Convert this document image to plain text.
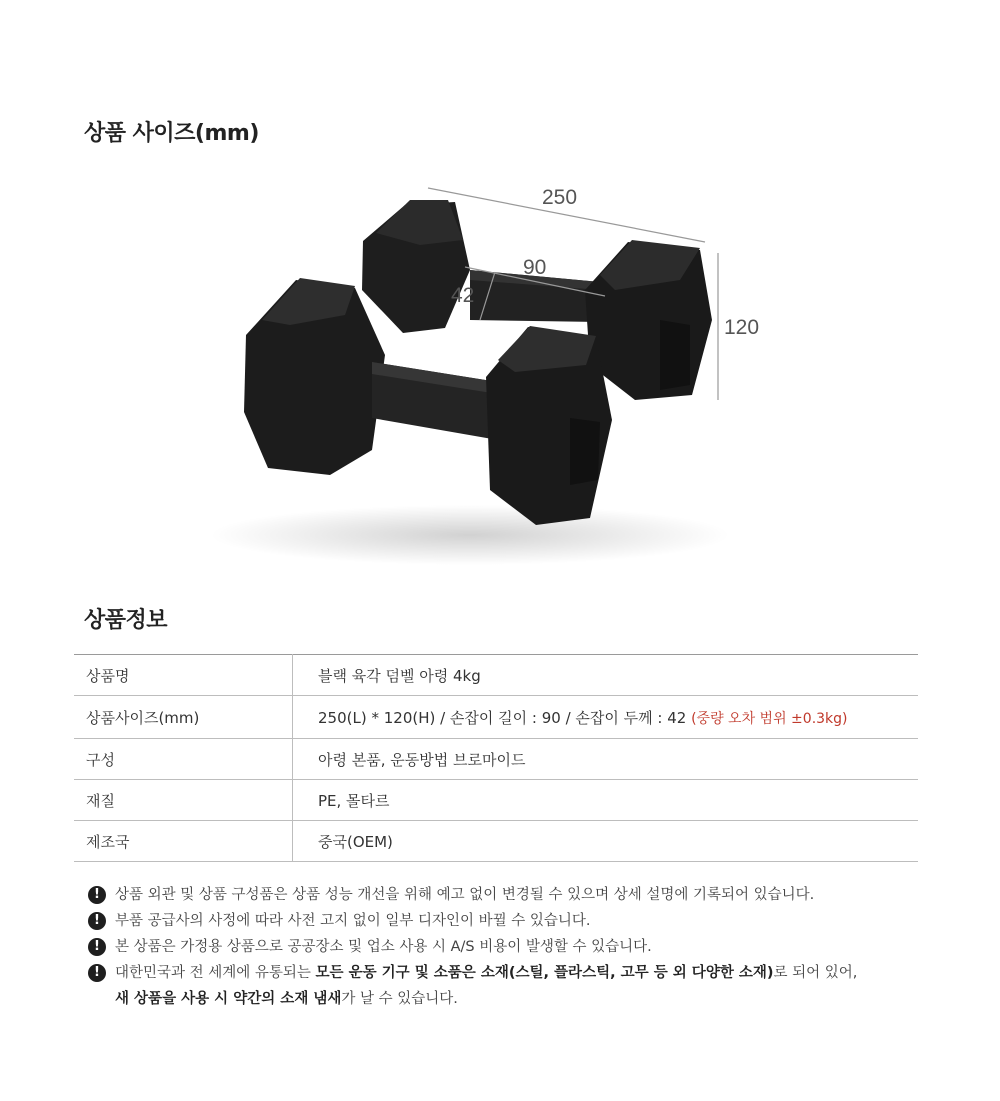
상품 사이즈(mm)
250
90
42
120
상품정보
상품명	블랙 육각 덤벨 아령 4kg
상품사이즈(mm)	250(L) * 120(H) / 손잡이 길이 : 90 / 손잡이 두께 : 42 (중량 오차 범위 ±0.3kg)
구성	아령 본품, 운동방법 브로마이드
재질	PE, 몰타르
제조국	중국(OEM)
!	상품 외관 및 상품 구성품은 상품 성능 개선을 위해 예고 없이 변경될 수 있으며 상세 설명에 기록되어 있습니다.
!	부품 공급사의 사정에 따라 사전 고지 없이 일부 디자인이 바뀔 수 있습니다.
!	본 상품은 가정용 상품으로 공공장소 및 업소 사용 시 A/S 비용이 발생할 수 있습니다.
!	대한민국과 전 세계에 유통되는 모든 운동 기구 및 소품은 소재(스틸, 플라스틱, 고무 등 외 다양한 소재)로 되어 있어,
새 상품을 사용 시 약간의 소재 냄새가 날 수 있습니다.
